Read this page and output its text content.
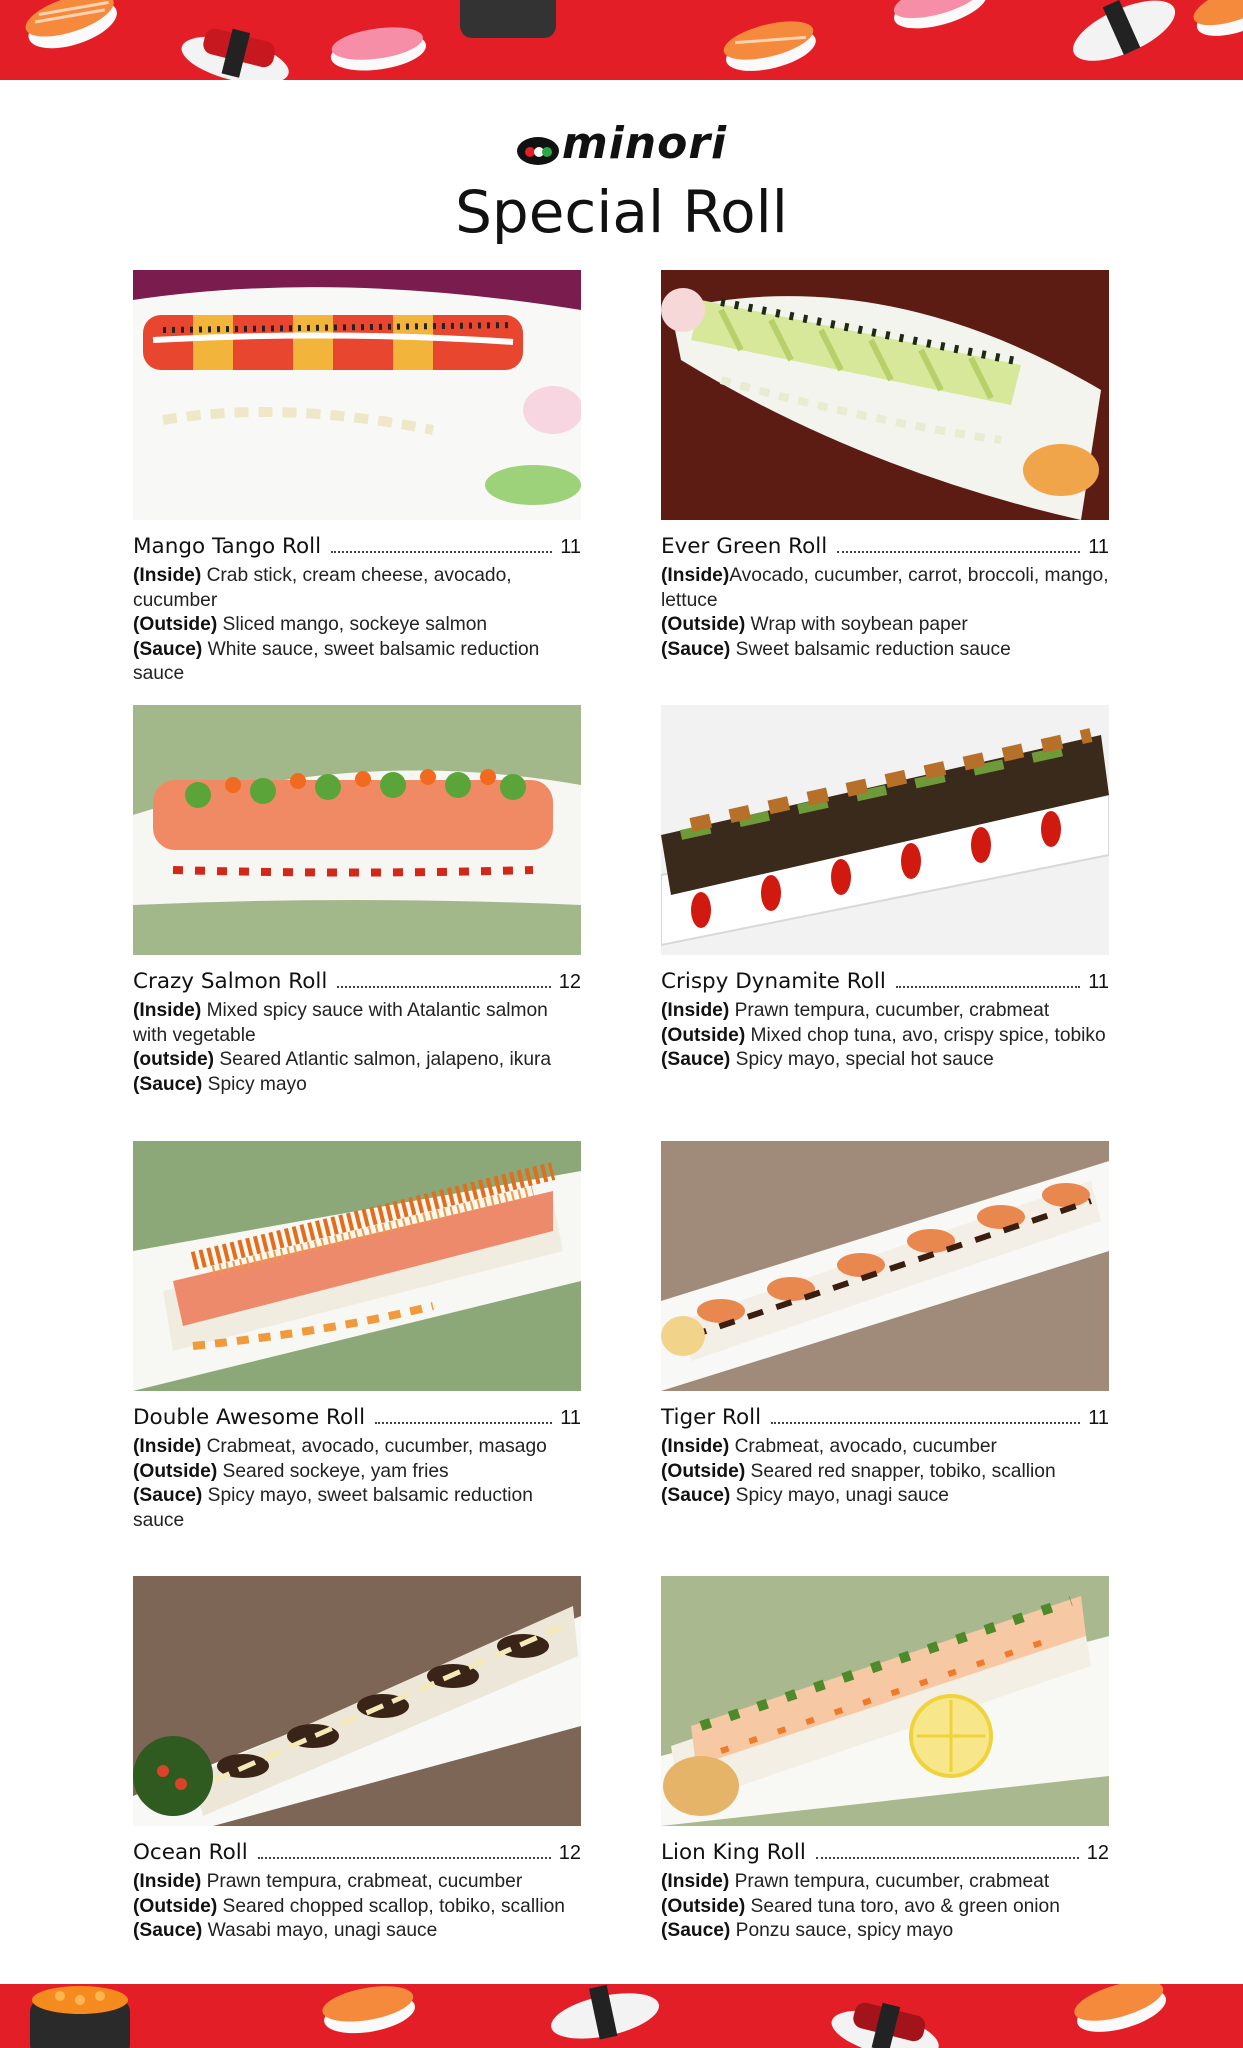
minori
Special Roll
Mango Tango Roll	11
(Inside) Crab stick, cream cheese, avocado, cucumber
(Outside) Sliced mango, sockeye salmon
(Sauce) White sauce, sweet balsamic reduction sauce
Ever Green Roll	11
(Inside)Avocado, cucumber, carrot, broccoli, mango, lettuce
(Outside) Wrap with soybean paper
(Sauce) Sweet balsamic reduction sauce
Crazy Salmon Roll	12
(Inside) Mixed spicy sauce with Atalantic salmon with vegetable
(outside) Seared Atlantic salmon, jalapeno, ikura
(Sauce) Spicy mayo
Crispy Dynamite Roll	11
(Inside) Prawn tempura, cucumber, crabmeat
(Outside) Mixed chop tuna, avo, crispy spice, tobiko
(Sauce) Spicy mayo, special hot sauce
Double Awesome Roll	11
(Inside) Crabmeat, avocado, cucumber, masago
(Outside) Seared sockeye, yam fries
(Sauce) Spicy mayo, sweet balsamic reduction sauce
Tiger Roll	11
(Inside) Crabmeat, avocado, cucumber
(Outside) Seared red snapper, tobiko, scallion
(Sauce) Spicy mayo, unagi sauce
Ocean Roll	12
(Inside) Prawn tempura, crabmeat, cucumber
(Outside) Seared chopped scallop, tobiko, scallion
(Sauce) Wasabi mayo, unagi sauce
Lion King Roll	12
(Inside) Prawn tempura, cucumber, crabmeat
(Outside) Seared tuna toro, avo & green onion
(Sauce) Ponzu sauce, spicy mayo
